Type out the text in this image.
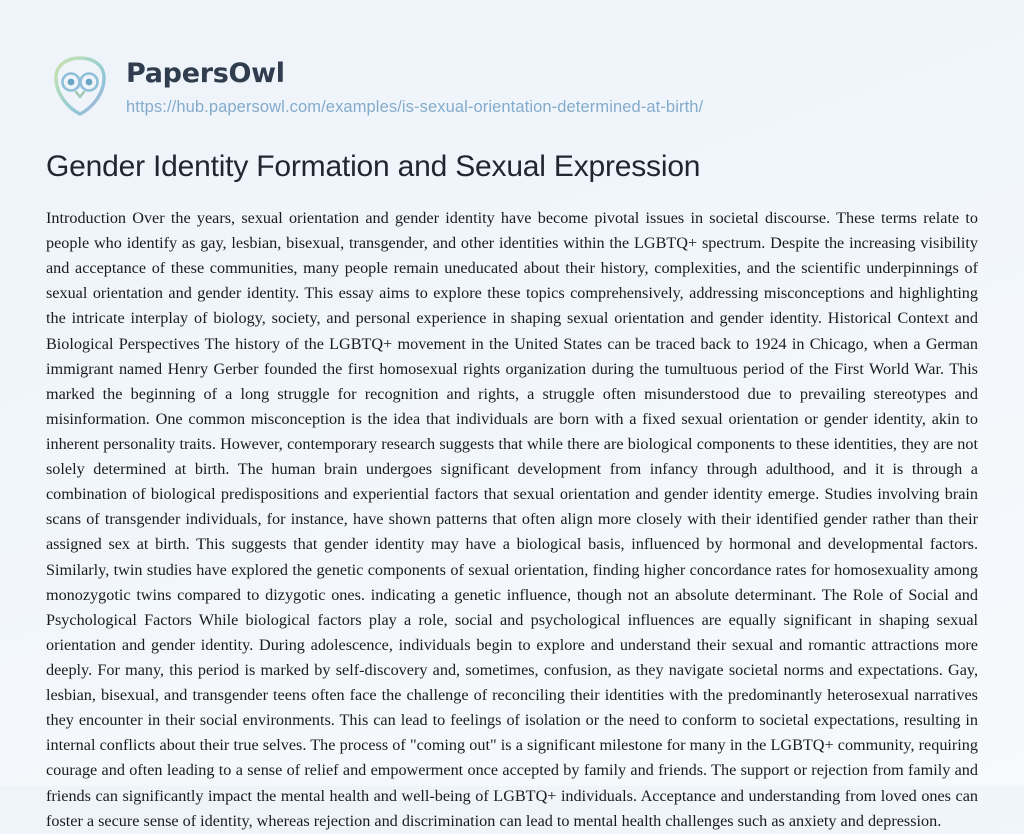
PapersOwl
https://hub.papersowl.com/examples/is-sexual-orientation-determined-at-birth/
Gender Identity Formation and Sexual Expression

Introduction Over the years, sexual orientation and gender identity have become pivotal issues in societal discourse. These terms relate to people who identify as gay, lesbian, bisexual, transgender, and other identities within the LGBTQ+ spectrum. Despite the increasing visibility and acceptance of these communities, many people remain uneducated about their history, complexities, and the scientific underpinnings of sexual orientation and gender identity. This essay aims to explore these topics comprehensively, addressing misconceptions and highlighting the intricate interplay of biology, society, and personal experience in shaping sexual orientation and gender identity. Historical Context and Biological Perspectives The history of the LGBTQ+ movement in the United States can be traced back to 1924 in Chicago, when a German immigrant named Henry Gerber founded the first homosexual rights organization during the tumultuous period of the First World War. This marked the beginning of a long struggle for recognition and rights, a struggle often misunderstood due to prevailing stereotypes and misinformation. One common misconception is the idea that individuals are born with a fixed sexual orientation or gender identity, akin to inherent personality traits. However, contemporary research suggests that while there are biological components to these identities, they are not solely determined at birth. The human brain undergoes significant development from infancy through adulthood, and it is through a combination of biological predispositions and experiential factors that sexual orientation and gender identity emerge. Studies involving brain scans of transgender individuals, for instance, have shown patterns that often align more closely with their identified gender rather than their assigned sex at birth. This suggests that gender identity may have a biological basis, influenced by hormonal and developmental factors. Similarly, twin studies have explored the genetic components of sexual orientation, finding higher concordance rates for homosexuality among monozygotic twins compared to dizygotic ones. indicating a genetic influence, though not an absolute determinant. The Role of Social and Psychological Factors While biological factors play a role, social and psychological influences are equally significant in shaping sexual orientation and gender identity. During adolescence, individuals begin to explore and understand their sexual and romantic attractions more deeply. For many, this period is marked by self-discovery and, sometimes, confusion, as they navigate societal norms and expectations. Gay, lesbian, bisexual, and transgender teens often face the challenge of reconciling their identities with the predominantly heterosexual narratives they encounter in their social environments. This can lead to feelings of isolation or the need to conform to societal expectations, resulting in internal conflicts about their true selves. The process of "coming out" is a significant milestone for many in the LGBTQ+ community, requiring courage and often leading to a sense of relief and empowerment once accepted by family and friends. The support or rejection from family and friends can significantly impact the mental health and well-being of LGBTQ+ individuals. Acceptance and understanding from loved ones can foster a secure sense of identity, whereas rejection and discrimination can lead to mental health challenges such as anxiety and depression.
